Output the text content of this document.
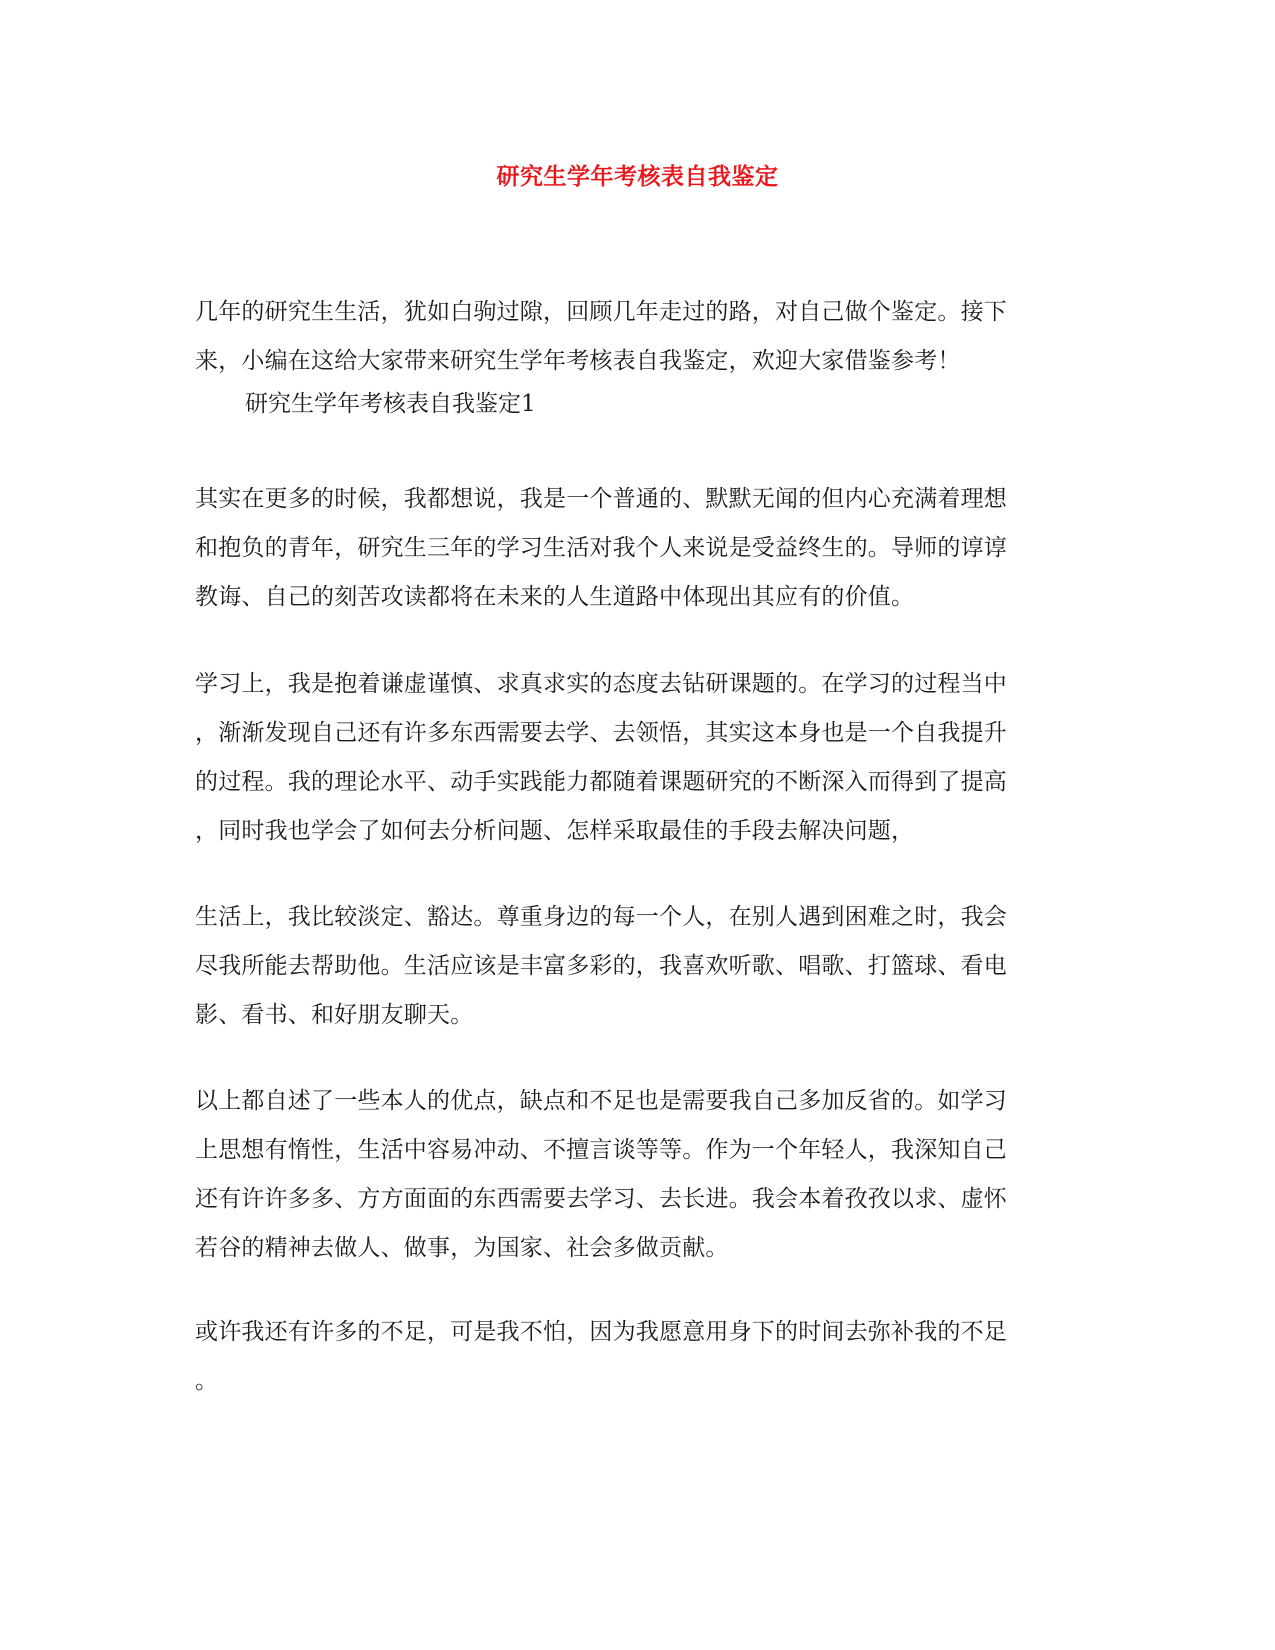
研究生学年考核表自我鉴定
几年的研究生生活，犹如白驹过隙，回顾几年走过的路，对自己做个鉴定。接下
来，小编在这给大家带来研究生学年考核表自我鉴定，欢迎大家借鉴参考！
研究生学年考核表自我鉴定1
其实在更多的时候，我都想说，我是一个普通的、默默无闻的但内心充满着理想
和抱负的青年，研究生三年的学习生活对我个人来说是受益终生的。导师的谆谆
教诲、自己的刻苦攻读都将在未来的人生道路中体现出其应有的价值。
学习上，我是抱着谦虚谨慎、求真求实的态度去钻研课题的。在学习的过程当中
，渐渐发现自己还有许多东西需要去学、去领悟，其实这本身也是一个自我提升
的过程。我的理论水平、动手实践能力都随着课题研究的不断深入而得到了提高
，同时我也学会了如何去分析问题、怎样采取最佳的手段去解决问题，
生活上，我比较淡定、豁达。尊重身边的每一个人，在别人遇到困难之时，我会
尽我所能去帮助他。生活应该是丰富多彩的，我喜欢听歌、唱歌、打篮球、看电
影、看书、和好朋友聊天。
以上都自述了一些本人的优点，缺点和不足也是需要我自己多加反省的。如学习
上思想有惰性，生活中容易冲动、不擅言谈等等。作为一个年轻人，我深知自己
还有许许多多、方方面面的东西需要去学习、去长进。我会本着孜孜以求、虚怀
若谷的精神去做人、做事，为国家、社会多做贡献。
或许我还有许多的不足，可是我不怕，因为我愿意用身下的时间去弥补我的不足
。
